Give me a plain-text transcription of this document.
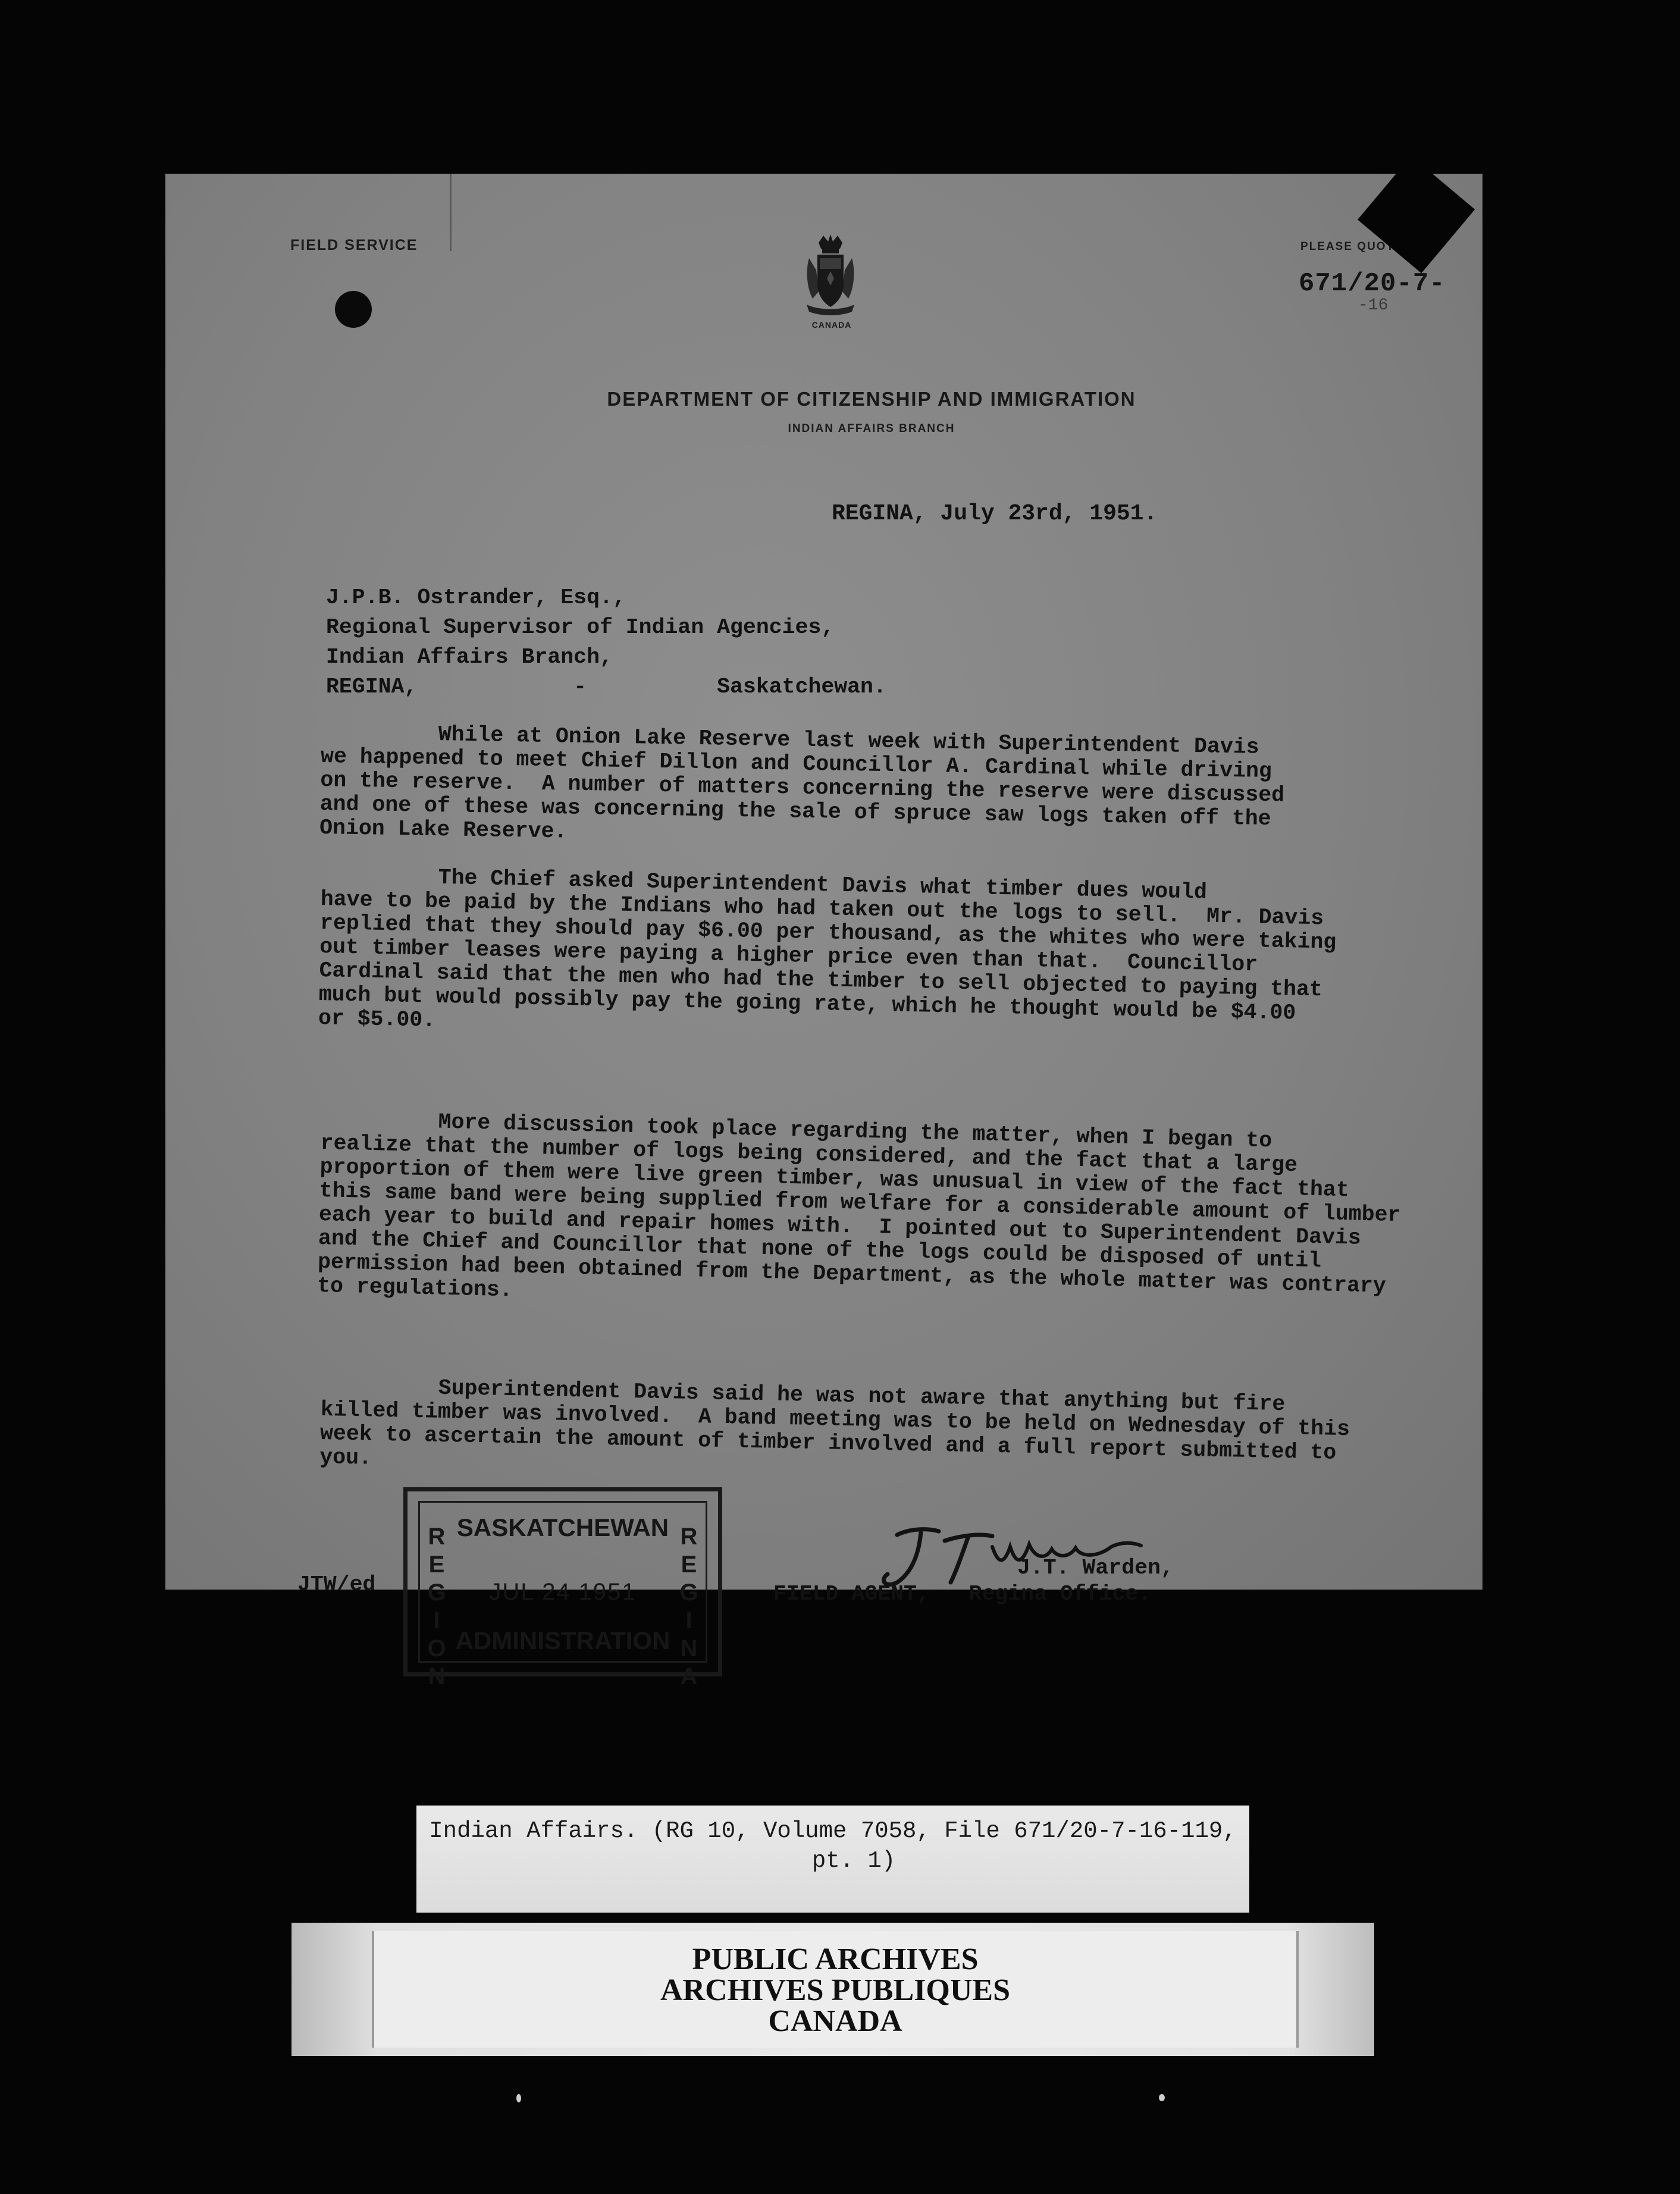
FIELD SERVICE	PLEASE QUOTE
671/20-7-
-16
CANADA
DEPARTMENT OF CITIZENSHIP AND IMMIGRATION
INDIAN AFFAIRS BRANCH
REGINA, July 23rd, 1951.
J.P.B. Ostrander, Esq.,
Regional Supervisor of Indian Agencies,
Indian Affairs Branch,
REGINA,            -          Saskatchewan.
While at Onion Lake Reserve last week with Superintendent Davis
we happened to meet Chief Dillon and Councillor A. Cardinal while driving
on the reserve.  A number of matters concerning the reserve were discussed
and one of these was concerning the sale of spruce saw logs taken off the
Onion Lake Reserve.
The Chief asked Superintendent Davis what timber dues would
have to be paid by the Indians who had taken out the logs to sell.  Mr. Davis
replied that they should pay $6.00 per thousand, as the whites who were taking
out timber leases were paying a higher price even than that.  Councillor
Cardinal said that the men who had the timber to sell objected to paying that
much but would possibly pay the going rate, which he thought would be $4.00
or $5.00.
More discussion took place regarding the matter, when I began to
realize that the number of logs being considered, and the fact that a large
proportion of them were live green timber, was unusual in view of the fact that
this same band were being supplied from welfare for a considerable amount of lumber
each year to build and repair homes with.  I pointed out to Superintendent Davis
and the Chief and Councillor that none of the logs could be disposed of until
permission had been obtained from the Department, as the whole matter was contrary
to regulations.
Superintendent Davis said he was not aware that anything but fire
killed timber was involved.  A band meeting was to be held on Wednesday of this
week to ascertain the amount of timber involved and a full report submitted to
you.
JTW/ed
J.T. Warden,
FIELD AGENT,   Regina Office.
SASKATCHEWAN
JUL 24 1951
ADMINISTRATION
R
E
G
I
O
N
R
E
G
I
N
A
Indian Affairs. (RG 10, Volume 7058, File 671/20-7-16-119,
pt. 1)
PUBLIC ARCHIVES
ARCHIVES PUBLIQUES
CANADA
